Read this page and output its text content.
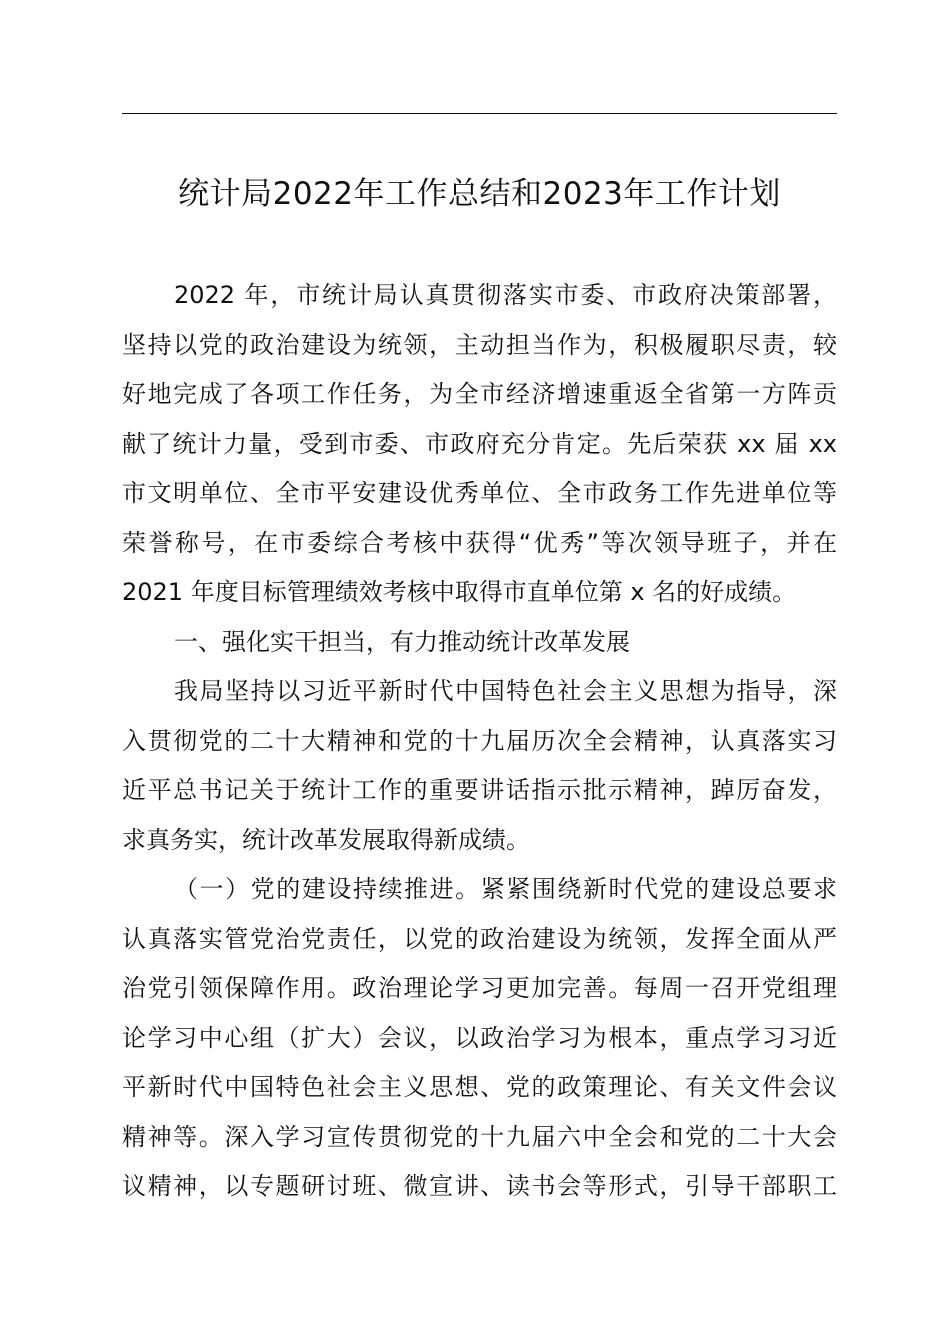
统计局2022年工作总结和2023年工作计划
2022 年，市统计局认真贯彻落实市委、市政府决策部署，
坚持以党的政治建设为统领，主动担当作为，积极履职尽责，较
好地完成了各项工作任务，为全市经济增速重返全省第一方阵贡
献了统计力量，受到市委、市政府充分肯定。先后荣获 xx 届 xx
市文明单位、全市平安建设优秀单位、全市政务工作先进单位等
荣誉称号，在市委综合考核中获得“优秀”等次领导班子，并在
2021 年度目标管理绩效考核中取得市直单位第 x 名的好成绩。
一、强化实干担当，有力推动统计改革发展
我局坚持以习近平新时代中国特色社会主义思想为指导，深
入贯彻党的二十大精神和党的十九届历次全会精神，认真落实习
近平总书记关于统计工作的重要讲话指示批示精神，踔厉奋发，
求真务实，统计改革发展取得新成绩。
（一）党的建设持续推进。紧紧围绕新时代党的建设总要求
认真落实管党治党责任，以党的政治建设为统领，发挥全面从严
治党引领保障作用。政治理论学习更加完善。每周一召开党组理
论学习中心组（扩大）会议，以政治学习为根本，重点学习习近
平新时代中国特色社会主义思想、党的政策理论、有关文件会议
精神等。深入学习宣传贯彻党的十九届六中全会和党的二十大会
议精神，以专题研讨班、微宣讲、读书会等形式，引导干部职工
